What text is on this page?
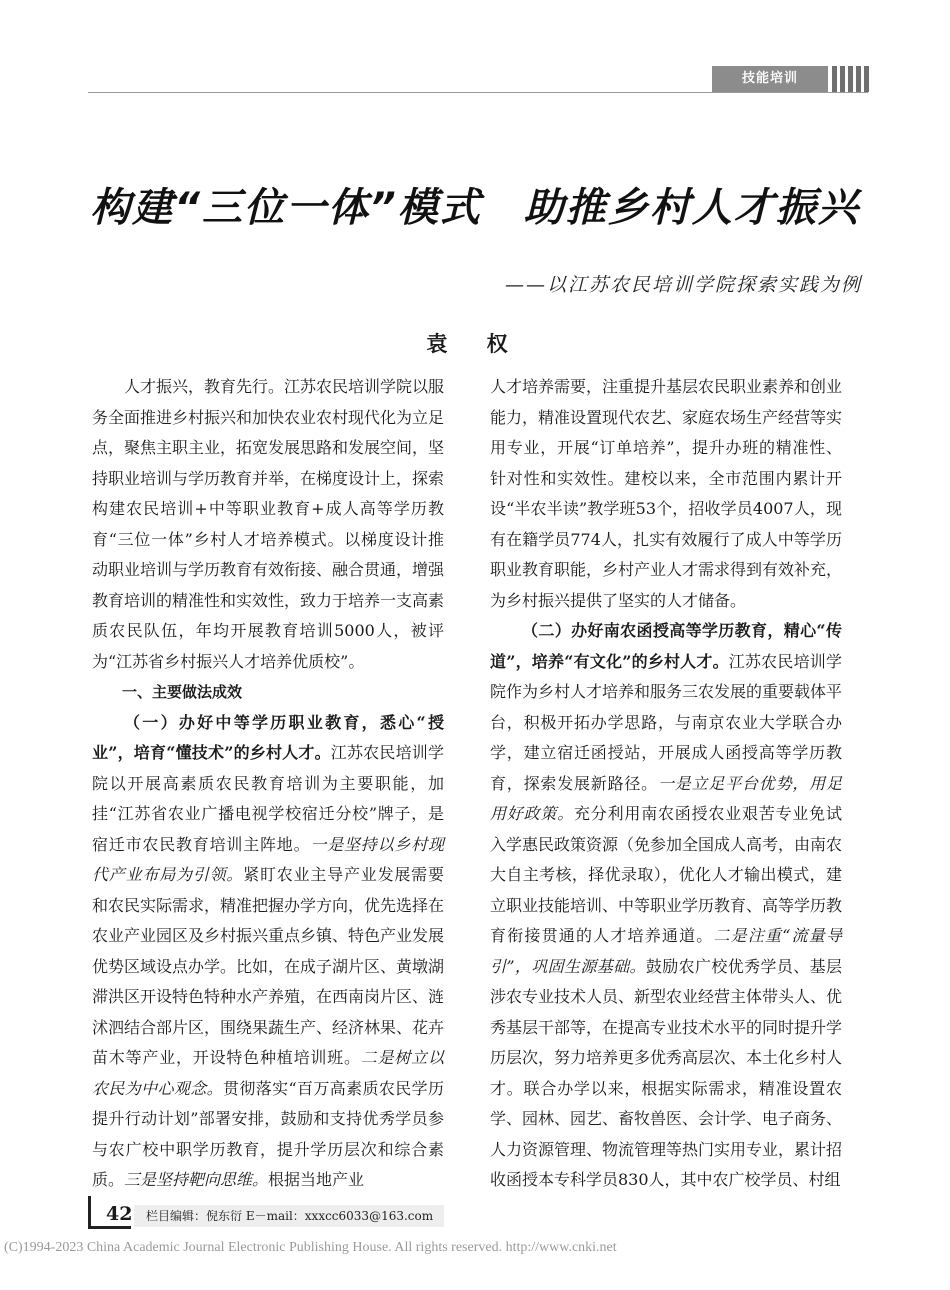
技能培训
构建“三位一体”模式　助推乡村人才振兴
——以江苏农民培训学院探索实践为例
袁 权

人才振兴，教育先行。江苏农民培训学院以服务全面推进乡村振兴和加快农业农村现代化为立足点，聚焦主职主业，拓宽发展思路和发展空间，坚持职业培训与学历教育并举，在梯度设计上，探索构建农民培训+中等职业教育+成人高等学历教育“三位一体”乡村人才培养模式。以梯度设计推动职业培训与学历教育有效衔接、融合贯通，增强教育培训的精准性和实效性，致力于培养一支高素质农民队伍，年均开展教育培训5000人，被评为“江苏省乡村振兴人才培养优质校”。

一、主要做法成效

（一）办好中等学历职业教育，悉心“授业”，培育“懂技术”的乡村人才。江苏农民培训学院以开展高素质农民教育培训为主要职能，加挂“江苏省农业广播电视学校宿迁分校”牌子，是宿迁市农民教育培训主阵地。一是坚持以乡村现代产业布局为引领。紧盯农业主导产业发展需要和农民实际需求，精准把握办学方向，优先选择在农业产业园区及乡村振兴重点乡镇、特色产业发展优势区域设点办学。比如，在成子湖片区、黄墩湖滞洪区开设特色特种水产养殖，在西南岗片区、涟沭泗结合部片区，围绕果蔬生产、经济林果、花卉苗木等产业，开设特色种植培训班。二是树立以农民为中心观念。贯彻落实“百万高素质农民学历提升行动计划”部署安排，鼓励和支持优秀学员参与农广校中职学历教育，提升学历层次和综合素质。三是坚持靶向思维。根据当地产业

人才培养需要，注重提升基层农民职业素养和创业能力，精准设置现代农艺、家庭农场生产经营等实用专业，开展“订单培养”，提升办班的精准性、针对性和实效性。建校以来，全市范围内累计开设“半农半读”教学班53个，招收学员4007人，现有在籍学员774人，扎实有效履行了成人中等学历职业教育职能，乡村产业人才需求得到有效补充，为乡村振兴提供了坚实的人才储备。

（二）办好南农函授高等学历教育，精心“传道”，培养“有文化”的乡村人才。江苏农民培训学院作为乡村人才培养和服务三农发展的重要载体平台，积极开拓办学思路，与南京农业大学联合办学，建立宿迁函授站，开展成人函授高等学历教育，探索发展新路径。一是立足平台优势，用足用好政策。充分利用南农函授农业艰苦专业免试入学惠民政策资源（免参加全国成人高考，由南农大自主考核，择优录取），优化人才输出模式，建立职业技能培训、中等职业学历教育、高等学历教育衔接贯通的人才培养通道。二是注重“流量导引”，巩固生源基础。鼓励农广校优秀学员、基层涉农专业技术人员、新型农业经营主体带头人、优秀基层干部等，在提高专业技术水平的同时提升学历层次，努力培养更多优秀高层次、本土化乡村人才。联合办学以来，根据实际需求，精准设置农学、园林、园艺、畜牧兽医、会计学、电子商务、人力资源管理、物流管理等热门实用专业，累计招收函授本专科学员830人，其中农广校学员、村组

42	栏目编辑：倪东衍 E－mail：xxxcc6033@163.com
(C)1994-2023 China Academic Journal Electronic Publishing House. All rights reserved. http://www.cnki.net
